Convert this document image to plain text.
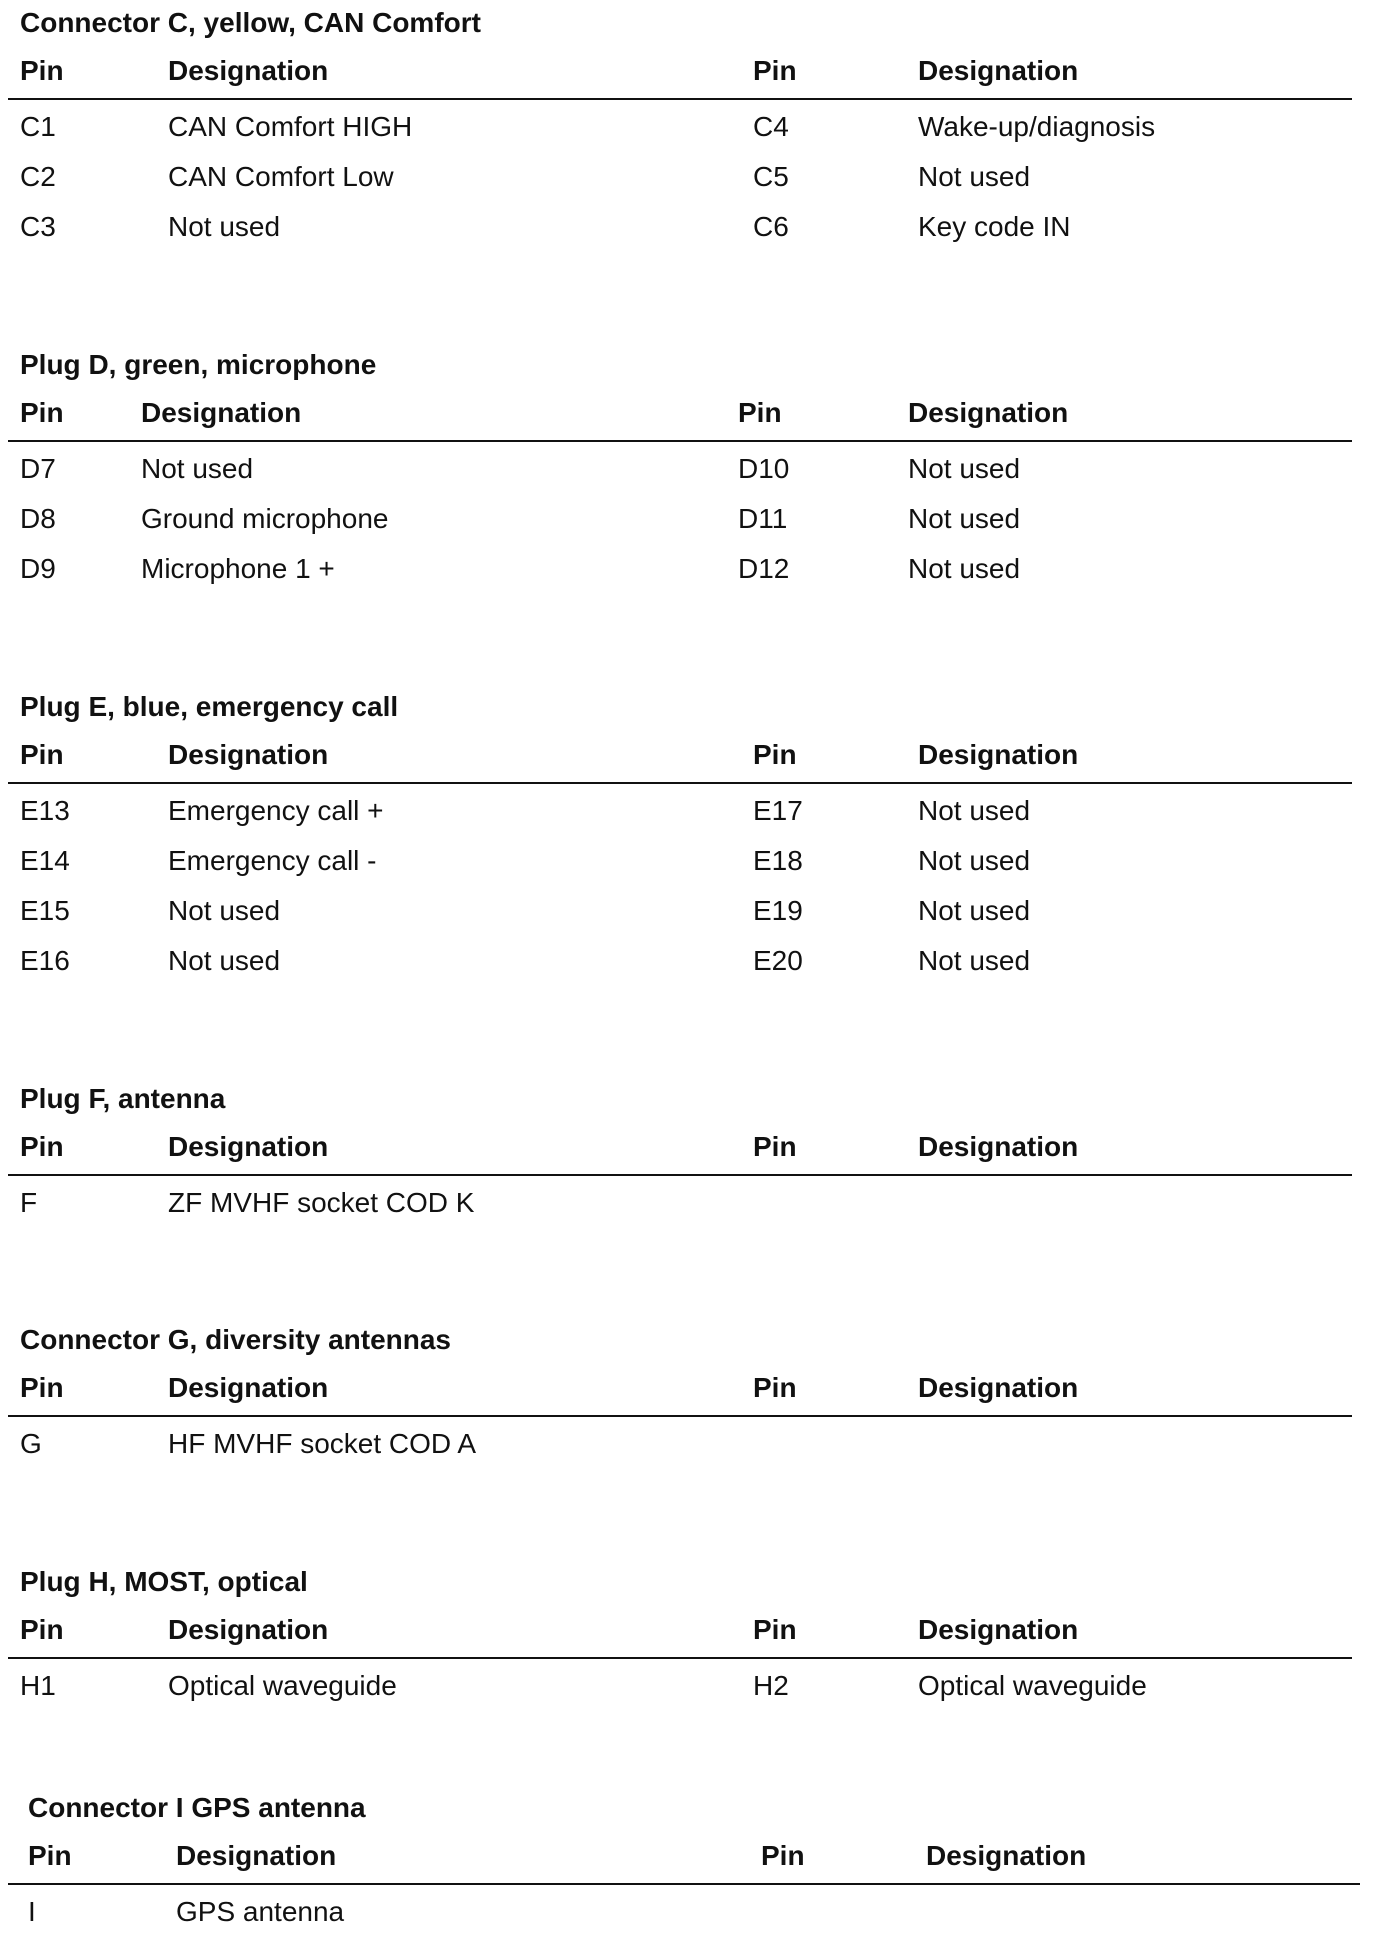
Connector C, yellow, CAN Comfort
Pin	Designation	Pin	Designation
C1	CAN Comfort HIGH	C4	Wake-up/diagnosis
C2	CAN Comfort Low	C5	Not used
C3	Not used	C6	Key code IN
Plug D, green, microphone
Pin	Designation	Pin	Designation
D7	Not used	D10	Not used
D8	Ground microphone	D11	Not used
D9	Microphone 1 +	D12	Not used
Plug E, blue, emergency call
Pin	Designation	Pin	Designation
E13	Emergency call +	E17	Not used
E14	Emergency call -	E18	Not used
E15	Not used	E19	Not used
E16	Not used	E20	Not used
Plug F, antenna
Pin	Designation	Pin	Designation
F	ZF MVHF socket COD K
Connector G, diversity antennas
Pin	Designation	Pin	Designation
G	HF MVHF socket COD A
Plug H, MOST, optical
Pin	Designation	Pin	Designation
H1	Optical waveguide	H2	Optical waveguide
Connector I GPS antenna
Pin	Designation	Pin	Designation
I	GPS antenna
